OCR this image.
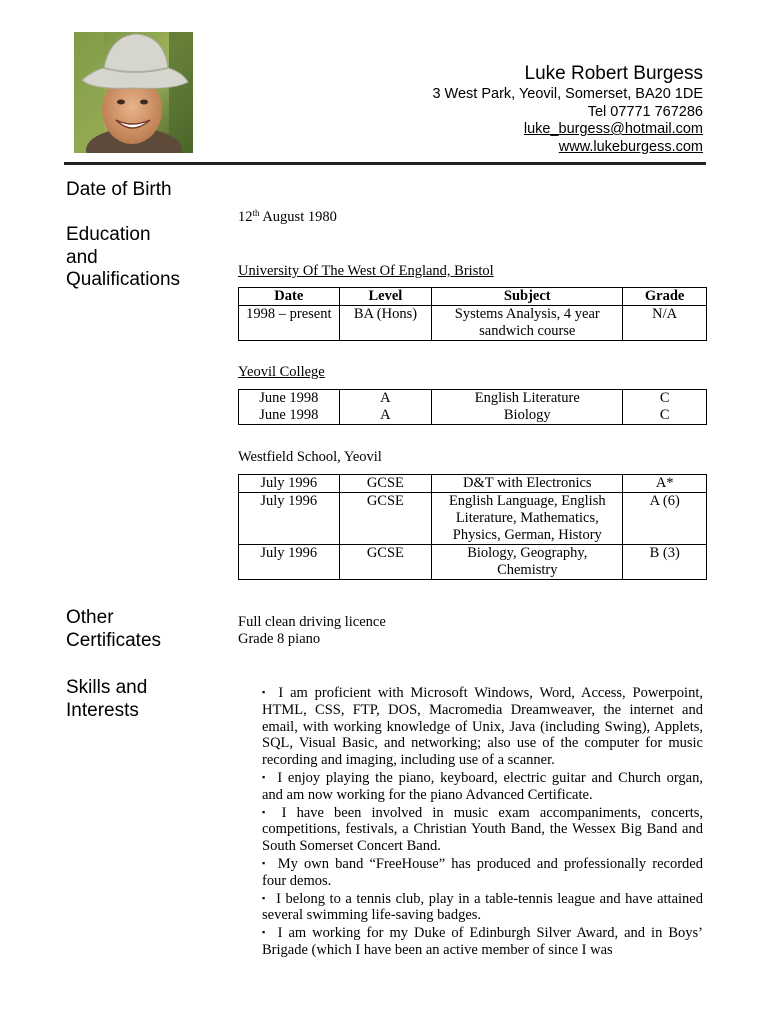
Luke Robert Burgess
3 West Park, Yeovil, Somerset, BA20 1DE
Tel 07771 767286
luke_burgess@hotmail.com
www.lukeburgess.com
Date of Birth
Education
and
Qualifications
Other
Certificates
Skills and
Interests
12th August 1980
University Of The West Of England, Bristol
Date	Level	Subject	Grade
1998 – present	BA (Hons)	Systems Analysis, 4 year sandwich course	N/A
Yeovil College
June 1998	A	English Literature	C
June 1998	A	Biology	C
Westfield School, Yeovil
July 1996	GCSE	D&T with Electronics	A*
July 1996	GCSE	English Language, English Literature, Mathematics, Physics, German, History	A (6)
July 1996	GCSE	Biology, Geography, Chemistry	B (3)
Full clean driving licence
Grade 8 piano

▪ I am proficient with Microsoft Windows, Word, Access, Powerpoint, HTML, CSS, FTP, DOS, Macromedia Dreamweaver, the internet and email, with working knowledge of Unix, Java (including Swing), Applets, SQL, Visual Basic, and networking; also use of the computer for music recording and imaging, including use of a scanner.

▪ I enjoy playing the piano, keyboard, electric guitar and Church organ, and am now working for the piano Advanced Certificate.

▪ I have been involved in music exam accompaniments, concerts, competitions, festivals, a Christian Youth Band, the Wessex Big Band and South Somerset Concert Band.

▪ My own band “FreeHouse” has produced and professionally recorded four demos.

▪ I belong to a tennis club, play in a table-tennis league and have attained several swimming life-saving badges.

▪ I am working for my Duke of Edinburgh Silver Award, and in Boys’ Brigade (which I have been an active member of since I was
